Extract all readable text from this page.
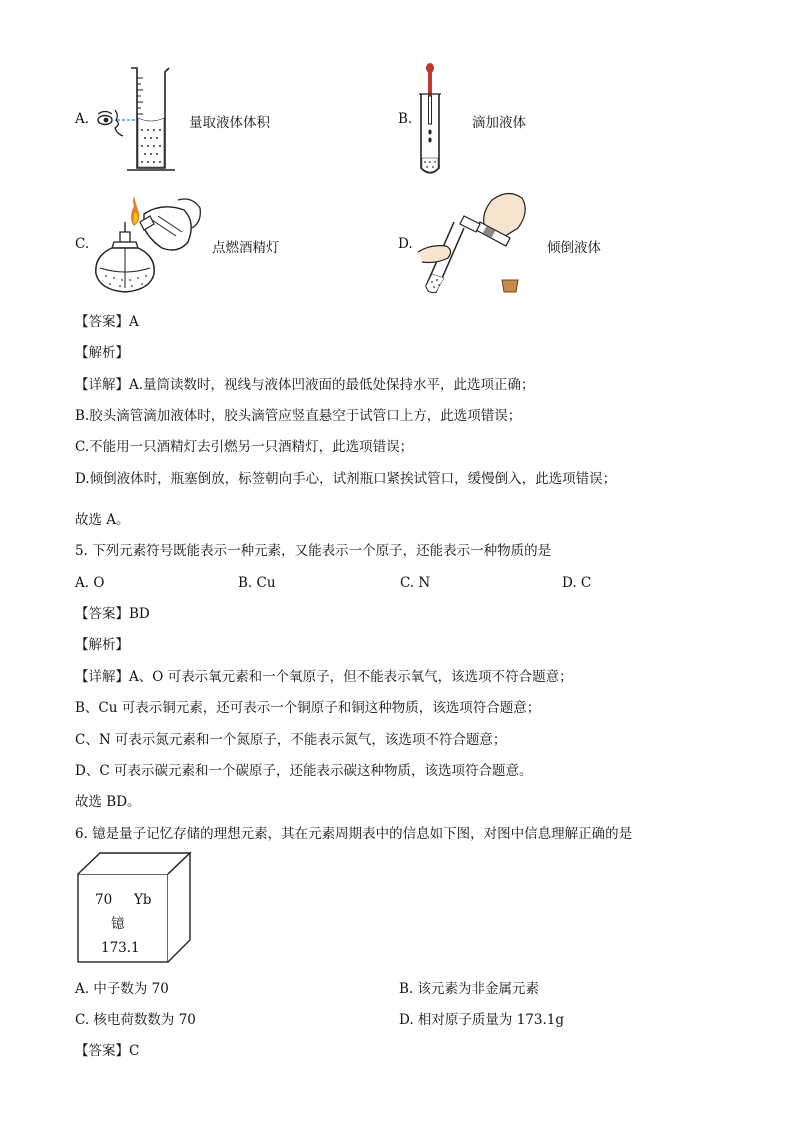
A.	量取液体体积	B.	滴加液体
C.	点燃酒精灯	D.	倾倒液体
【答案】A
【解析】
【详解】A.量筒读数时，视线与液体凹液面的最低处保持水平，此选项正确；
B.胶头滴管滴加液体时，胶头滴管应竖直悬空于试管口上方，此选项错误；
C.不能用一只酒精灯去引燃另一只酒精灯，此选项错误；
D.倾倒液体时，瓶塞倒放，标签朝向手心，试剂瓶口紧挨试管口，缓慢倒入，此选项错误；
故选 A。
5. 下列元素符号既能表示一种元素，又能表示一个原子，还能表示一种物质的是
A. O	B. Cu	C. N	D. C
【答案】BD
【解析】
【详解】A、O 可表示氧元素和一个氧原子，但不能表示氧气，该选项不符合题意；
B、Cu 可表示铜元素，还可表示一个铜原子和铜这种物质，该选项符合题意；
C、N 可表示氮元素和一个氮原子，不能表示氮气，该选项不符合题意；
D、C 可表示碳元素和一个碳原子，还能表示碳这种物质，该选项符合题意。
故选 BD。
6. 镱是量子记忆存储的理想元素，其在元素周期表中的信息如下图，对图中信息理解正确的是
70 Yb
镱
173.1
A. 中子数为 70	B. 该元素为非金属元素
C. 核电荷数数为 70	D. 相对原子质量为 173.1g
【答案】C
